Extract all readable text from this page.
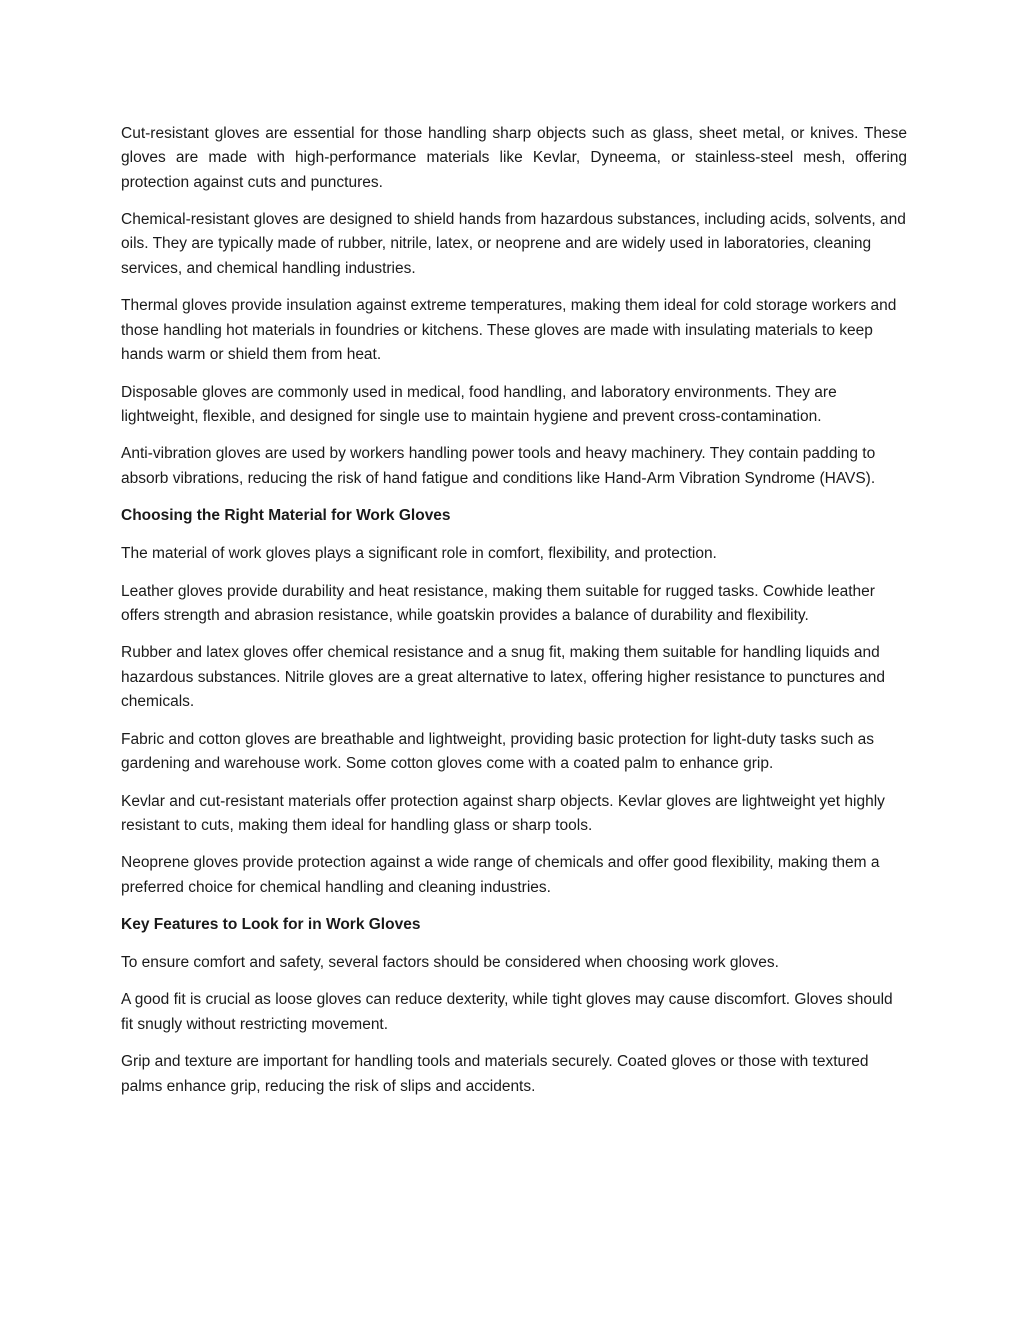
Cut-resistant gloves are essential for those handling sharp objects such as glass, sheet metal, or knives. These gloves are made with high-performance materials like Kevlar, Dyneema, or stainless-steel mesh, offering protection against cuts and punctures.

Chemical-resistant gloves are designed to shield hands from hazardous substances, including acids, solvents, and oils. They are typically made of rubber, nitrile, latex, or neoprene and are widely used in laboratories, cleaning services, and chemical handling industries.

Thermal gloves provide insulation against extreme temperatures, making them ideal for cold storage workers and those handling hot materials in foundries or kitchens. These gloves are made with insulating materials to keep hands warm or shield them from heat.

Disposable gloves are commonly used in medical, food handling, and laboratory environments. They are lightweight, flexible, and designed for single use to maintain hygiene and prevent cross-contamination.

Anti-vibration gloves are used by workers handling power tools and heavy machinery. They contain padding to absorb vibrations, reducing the risk of hand fatigue and conditions like Hand-Arm Vibration Syndrome (HAVS).

Choosing the Right Material for Work Gloves

The material of work gloves plays a significant role in comfort, flexibility, and protection.

Leather gloves provide durability and heat resistance, making them suitable for rugged tasks. Cowhide leather offers strength and abrasion resistance, while goatskin provides a balance of durability and flexibility.

Rubber and latex gloves offer chemical resistance and a snug fit, making them suitable for handling liquids and hazardous substances. Nitrile gloves are a great alternative to latex, offering higher resistance to punctures and chemicals.

Fabric and cotton gloves are breathable and lightweight, providing basic protection for light-duty tasks such as gardening and warehouse work. Some cotton gloves come with a coated palm to enhance grip.

Kevlar and cut-resistant materials offer protection against sharp objects. Kevlar gloves are lightweight yet highly resistant to cuts, making them ideal for handling glass or sharp tools.

Neoprene gloves provide protection against a wide range of chemicals and offer good flexibility, making them a preferred choice for chemical handling and cleaning industries.

Key Features to Look for in Work Gloves

To ensure comfort and safety, several factors should be considered when choosing work gloves.

A good fit is crucial as loose gloves can reduce dexterity, while tight gloves may cause discomfort. Gloves should fit snugly without restricting movement.

Grip and texture are important for handling tools and materials securely. Coated gloves or those with textured palms enhance grip, reducing the risk of slips and accidents.
